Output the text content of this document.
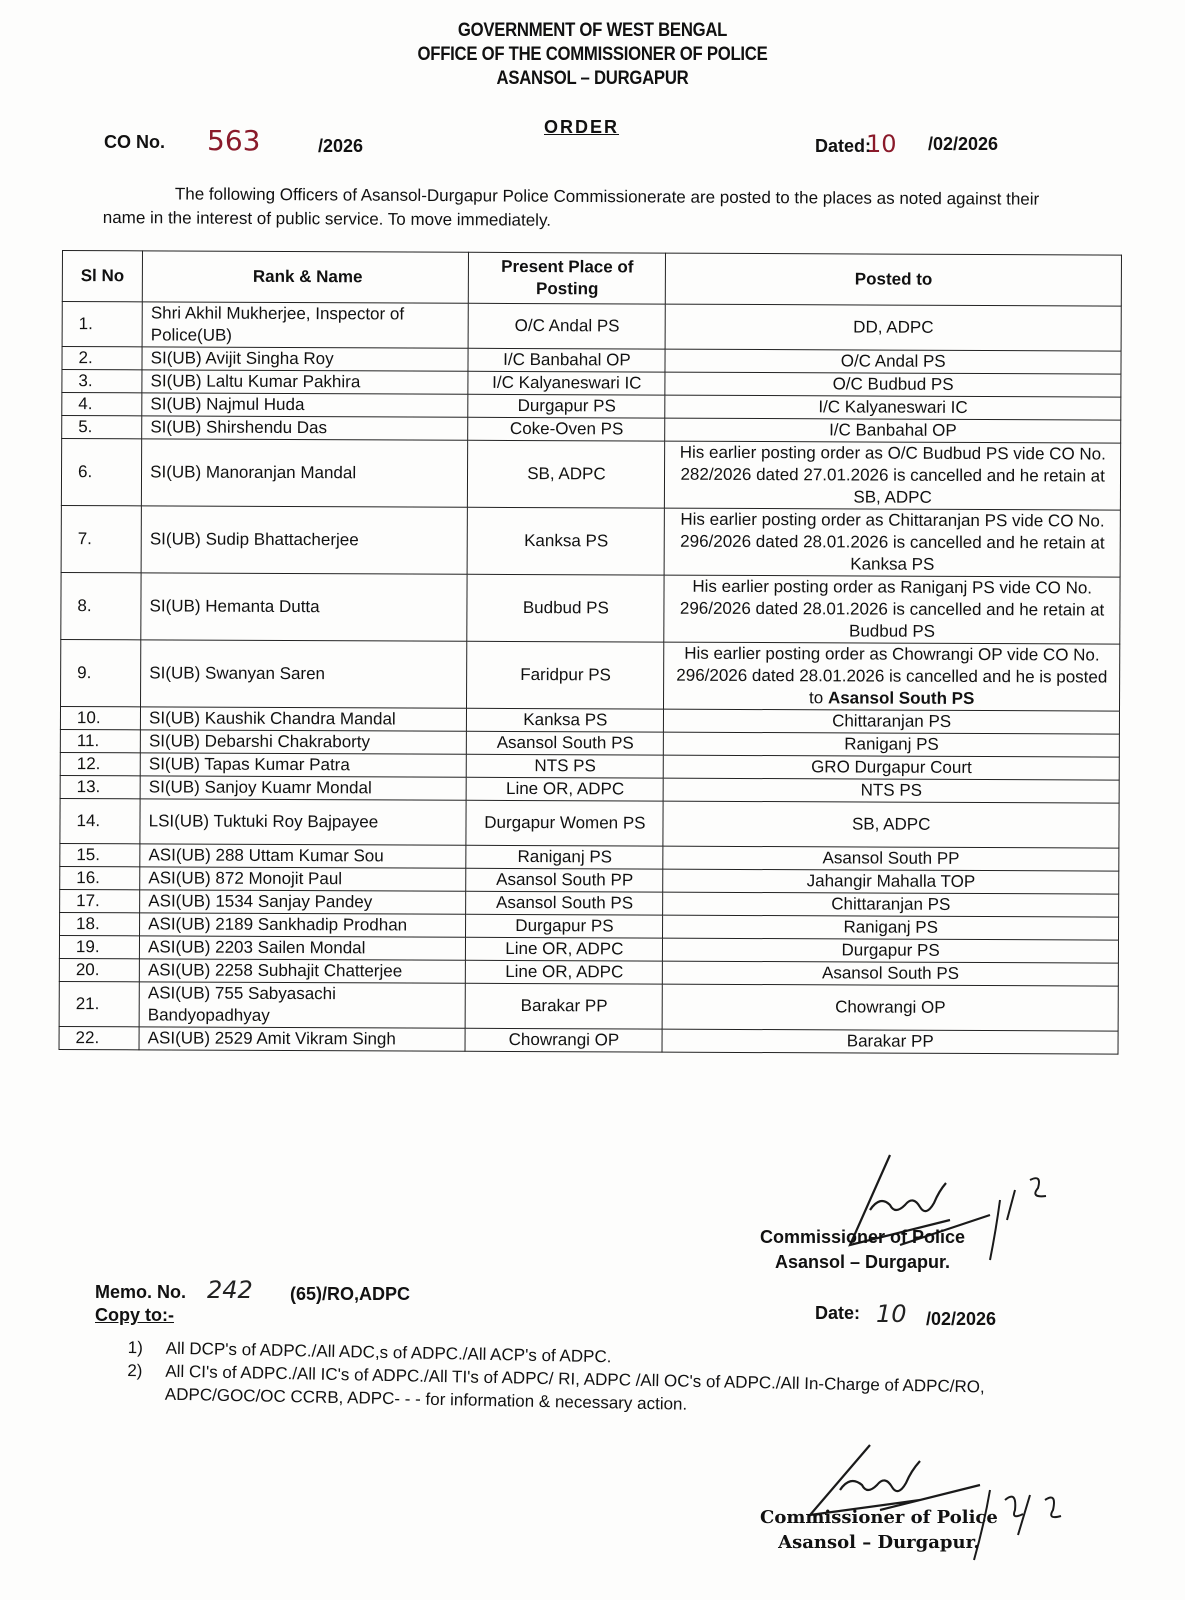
GOVERNMENT OF WEST BENGAL
OFFICE OF THE COMMISSIONER OF POLICE
ASANSOL – DURGAPUR
ORDER
CO No. 563	/2026	Dated:
10 /02/2026
The following Officers of Asansol-Durgapur Police Commissionerate are posted to the places as noted against their name in the interest of public service. To move immediately.
Sl No	Rank & Name	Present Place of Posting	Posted to
1.	Shri Akhil Mukherjee, Inspector of Police(UB)	O/C Andal PS	DD, ADPC
2.	SI(UB) Avijit Singha Roy	I/C Banbahal OP	O/C Andal PS
3.	SI(UB) Laltu Kumar Pakhira	I/C Kalyaneswari IC	O/C Budbud PS
4.	SI(UB) Najmul Huda	Durgapur PS	I/C Kalyaneswari IC
5.	SI(UB) Shirshendu Das	Coke-Oven PS	I/C Banbahal OP
6.	SI(UB) Manoranjan Mandal	SB, ADPC	His earlier posting order as O/C Budbud PS vide CO No. 282/2026 dated 27.01.2026 is cancelled and he retain at SB, ADPC
7.	SI(UB) Sudip Bhattacherjee	Kanksa PS	His earlier posting order as Chittaranjan PS vide CO No. 296/2026 dated 28.01.2026 is cancelled and he retain at Kanksa PS
8.	SI(UB) Hemanta Dutta	Budbud PS	His earlier posting order as Raniganj PS vide CO No. 296/2026 dated 28.01.2026 is cancelled and he retain at Budbud PS
9.	SI(UB) Swanyan Saren	Faridpur PS	His earlier posting order as Chowrangi OP vide CO No. 296/2026 dated 28.01.2026 is cancelled and he is posted to Asansol South PS
10.	SI(UB) Kaushik Chandra Mandal	Kanksa PS	Chittaranjan PS
11.	SI(UB) Debarshi Chakraborty	Asansol South PS	Raniganj PS
12.	SI(UB) Tapas Kumar Patra	NTS PS	GRO Durgapur Court
13.	SI(UB) Sanjoy Kuamr Mondal	Line OR, ADPC	NTS PS
14.	LSI(UB) Tuktuki Roy Bajpayee	Durgapur Women PS	SB, ADPC
15.	ASI(UB) 288 Uttam Kumar Sou	Raniganj PS	Asansol South PP
16.	ASI(UB) 872 Monojit Paul	Asansol South PP	Jahangir Mahalla TOP
17.	ASI(UB) 1534 Sanjay Pandey	Asansol South PS	Chittaranjan PS
18.	ASI(UB) 2189 Sankhadip Prodhan	Durgapur PS	Raniganj PS
19.	ASI(UB) 2203 Sailen Mondal	Line OR, ADPC	Durgapur PS
20.	ASI(UB) 2258 Subhajit Chatterjee	Line OR, ADPC	Asansol South PS
21.	ASI(UB) 755 Sabyasachi Bandyopadhyay	Barakar PP	Chowrangi OP
22.	ASI(UB) 2529 Amit Vikram Singh	Chowrangi OP	Barakar PP
Commissioner of Police
Asansol – Durgapur.
Memo. No. 242 (65)/RO,ADPC
Copy to:-	Date: 10 /02/2026
1)	All DCP's of ADPC./All ADC,s of ADPC./All ACP's of ADPC.
2)	All CI's of ADPC./All IC's of ADPC./All TI's of ADPC/ RI, ADPC /All OC's of ADPC./All In-Charge of ADPC/RO, ADPC/GOC/OC CCRB, ADPC- - - for information & necessary action.
Commissioner of Police
Asansol – Durgapur.
